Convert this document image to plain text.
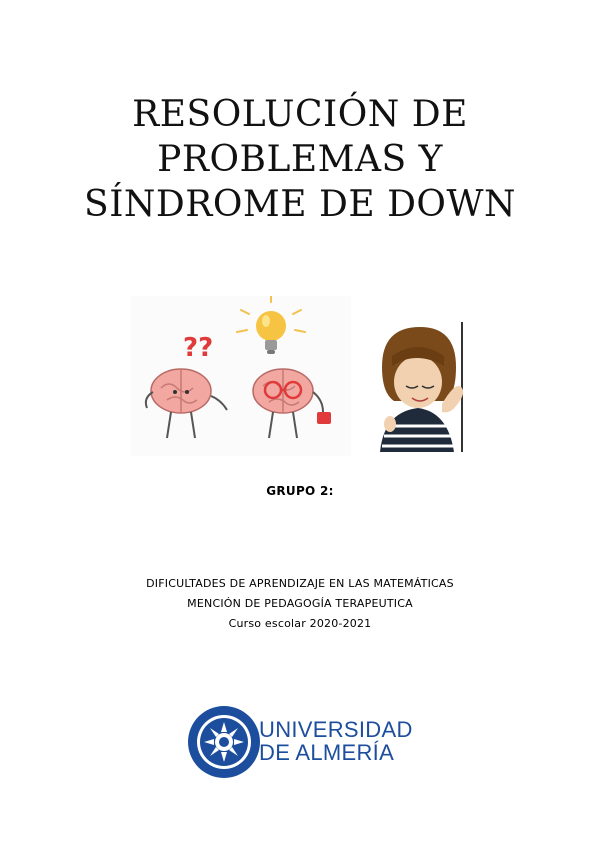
RESOLUCIÓN DE
PROBLEMAS Y
SÍNDROME DE DOWN
??
GRUPO 2:
DIFICULTADES DE APRENDIZAJE EN LAS MATEMÁTICAS
MENCIÓN DE PEDAGOGÍA TERAPEUTICA
Curso escolar 2020-2021
UNIVERSIDAD
DE ALMERÍA
